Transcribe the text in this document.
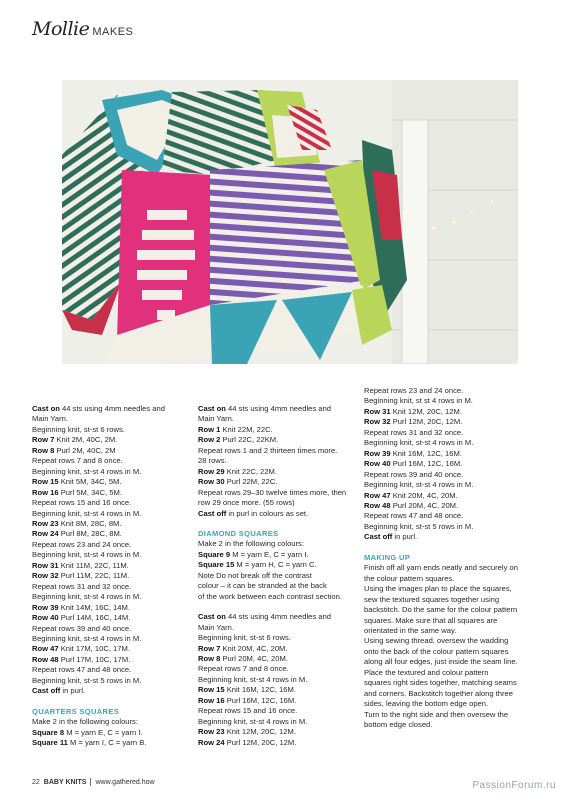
Mollie MAKES

Cast on 44 sts using 4mm needles and

Main Yarn.

Beginning knit, st-st 6 rows.

Row 7 Knit 2M, 40C, 2M.

Row 8 Purl 2M, 40C, 2M

Repeat rows 7 and 8 once.

Beginning knit, st-st 4 rows in M.

Row 15 Knit 5M, 34C, 5M.

Row 16 Purl 5M, 34C, 5M.

Repeat rows 15 and 16 once.

Beginning knit, st-st 4 rows in M.

Row 23 Knit 8M, 28C, 8M.

Row 24 Purl 8M, 28C, 8M.

Repeat rows 23 and 24 once.

Beginning knit, st-st 4 rows in M.

Row 31 Knit 11M, 22C, 11M.

Row 32 Purl 11M, 22C, 11M.

Repeat rows 31 and 32 once.

Beginning knit, st-st 4 rows in M.

Row 39 Knit 14M, 16C, 14M.

Row 40 Purl 14M, 16C, 14M.

Repeat rows 39 and 40 once.

Beginning knit, st-st 4 rows in M.

Row 47 Knit 17M, 10C, 17M.

Row 48 Purl 17M, 10C, 17M.

Repeat rows 47 and 48 once.

Beginning knit, st-st 5 rows in M.

Cast off in purl.

QUARTERS SQUARES

Make 2 in the following colours:

Square 8 M = yarn E, C = yarn I.

Square 11 M = yarn I, C = yarn B.

Cast on 44 sts using 4mm needles and

Main Yarn.

Row 1 Knit 22M, 22C.

Row 2 Purl 22C, 22KM.

Repeat rows 1 and 2 thirteen times more.

28 rows.

Row 29 Knit 22C, 22M.

Row 30 Purl 22M, 22C.

Repeat rows 29–30 twelve times more, then

row 29 once more. (55 rows)

Cast off in purl in colours as set.

DIAMOND SQUARES

Make 2 in the following colours:

Square 9 M = yarn E, C = yarn I.

Square 15 M = yarn H, C = yarn C.

Note Do not break off the contrast

colour – it can be stranded at the back

of the work between each contrast section.

Cast on 44 sts using 4mm needles and

Main Yarn.

Beginning knit, st-st 6 rows.

Row 7 Knit 20M, 4C, 20M.

Row 8 Purl 20M, 4C, 20M.

Repeat rows 7 and 8 once.

Beginning knit, st-st 4 rows in M.

Row 15 Knit 16M, 12C, 16M.

Row 16 Purl 16M, 12C, 16M.

Repeat rows 15 and 16 once.

Beginning knit, st-st 4 rows in M.

Row 23 Knit 12M, 20C, 12M.

Row 24 Purl 12M, 20C, 12M.

Repeat rows 23 and 24 once.

Beginning knit, st st 4 rows in M.

Row 31 Knit 12M, 20C, 12M.

Row 32 Purl 12M, 20C, 12M.

Repeat rows 31 and 32 once.

Beginning knit, st-st 4 rows in M.

Row 39 Knit 16M, 12C, 16M.

Row 40 Purl 16M, 12C, 16M.

Repeat rows 39 and 40 once.

Beginning knit, st-st 4 rows in M.

Row 47 Knit 20M, 4C, 20M.

Row 48 Purl 20M, 4C, 20M.

Repeat rows 47 and 48 once.

Beginning knit, st-st 5 rows in M.

Cast off in purl.

MAKING UP

Finish off all yarn ends neatly and securely on

the colour pattern squares.

Using the images plan to place the squares,

sew the textured squares together using

backstitch. Do the same for the colour pattern

squares. Make sure that all squares are

orientated in the same way.

Using sewing thread, oversew the wadding

onto the back of the colour pattern squares

along all four edges, just inside the seam line.

Place the textured and colour pattern

squares right sides together, matching seams

and corners. Backstitch together along three

sides, leaving the bottom edge open.

Turn to the right side and then oversew the

bottom edge closed.

22 BABY KNITS www.gathered.how	PassionForum.ru
